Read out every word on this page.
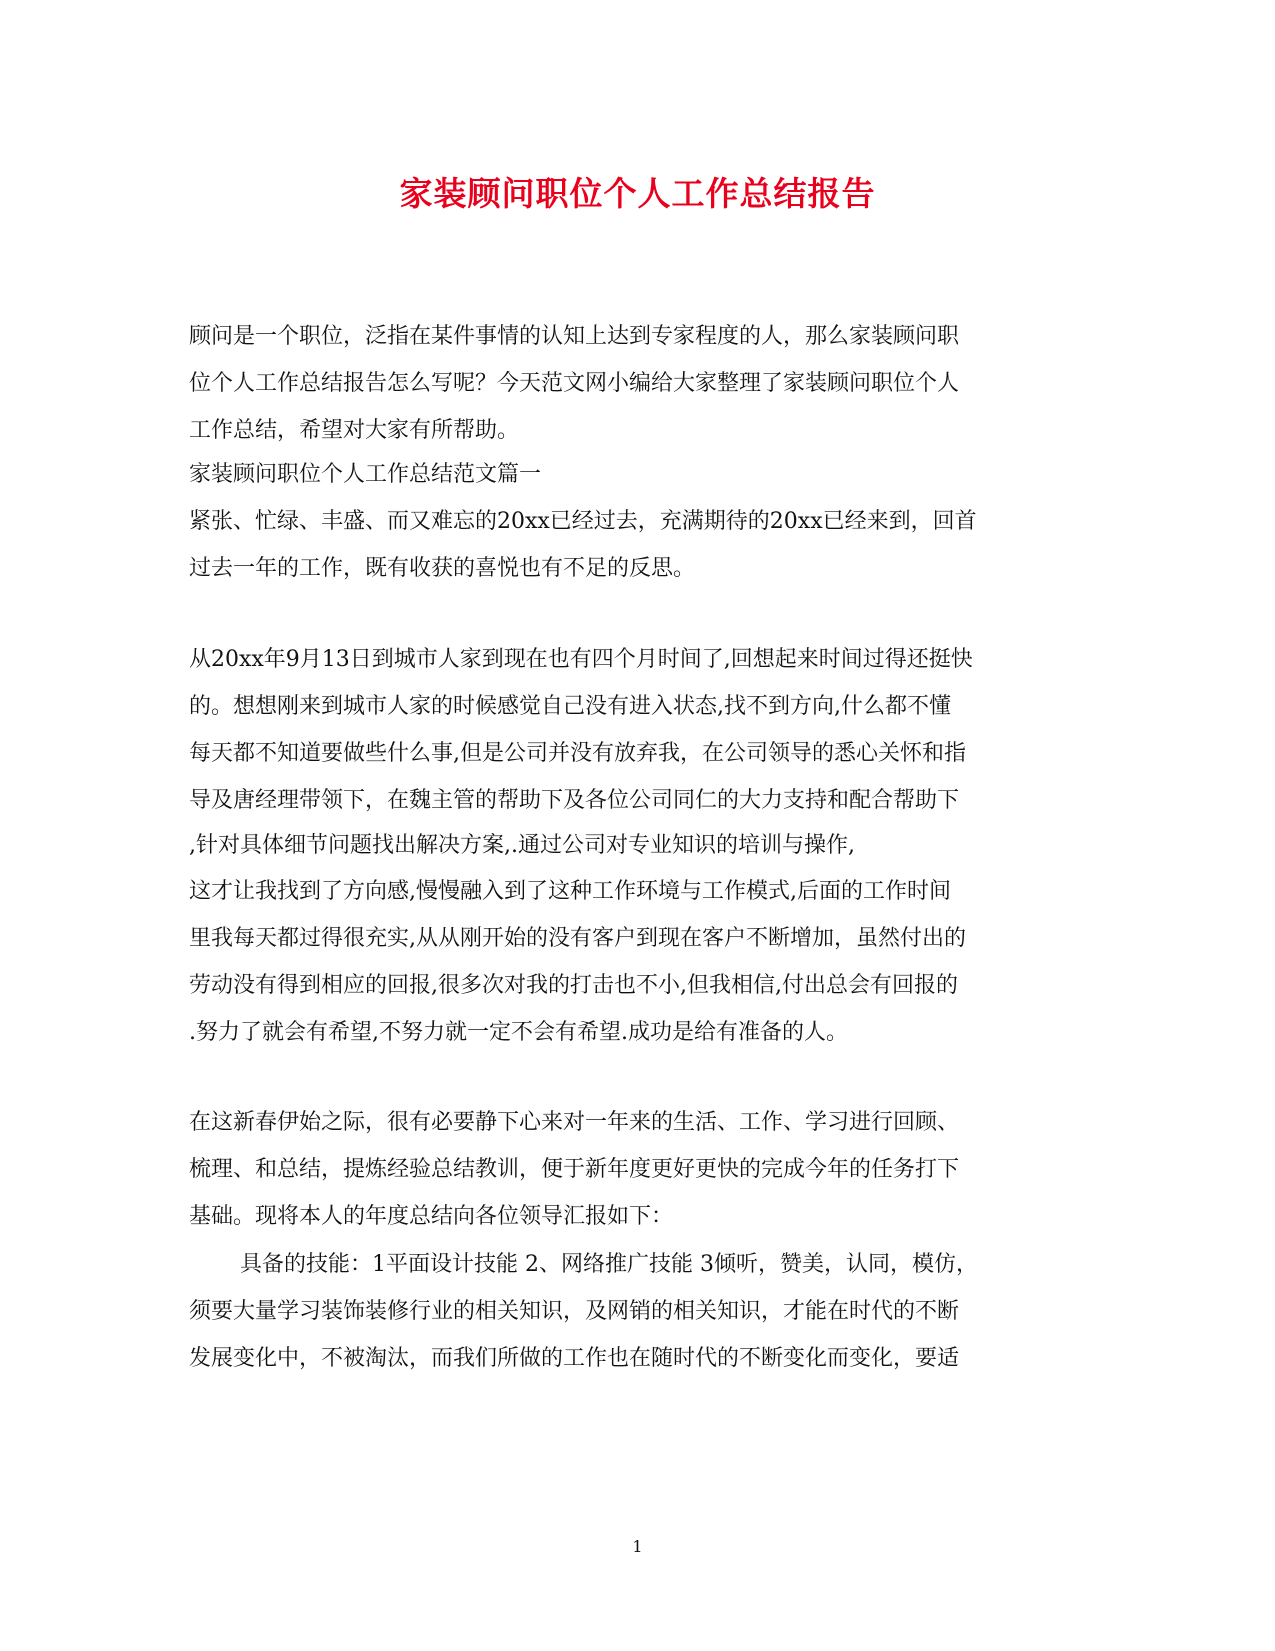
家装顾问职位个人工作总结报告
顾问是一个职位，泛指在某件事情的认知上达到专家程度的人，那么家装顾问职
位个人工作总结报告怎么写呢？今天范文网小编给大家整理了家装顾问职位个人
工作总结，希望对大家有所帮助。
家装顾问职位个人工作总结范文篇一
紧张、忙绿、丰盛、而又难忘的20xx已经过去，充满期待的20xx已经来到，回首
过去一年的工作，既有收获的喜悦也有不足的反思。
从20xx年9月13日到城市人家到现在也有四个月时间了,回想起来时间过得还挺快
的。想想刚来到城市人家的时候感觉自己没有进入状态,找不到方向,什么都不懂
每天都不知道要做些什么事,但是公司并没有放弃我，在公司领导的悉心关怀和指
导及唐经理带领下，在魏主管的帮助下及各位公司同仁的大力支持和配合帮助下
,针对具体细节问题找出解决方案,.通过公司对专业知识的培训与操作,
这才让我找到了方向感,慢慢融入到了这种工作环境与工作模式,后面的工作时间
里我每天都过得很充实,从从刚开始的没有客户到现在客户不断增加，虽然付出的
劳动没有得到相应的回报,很多次对我的打击也不小,但我相信,付出总会有回报的
.努力了就会有希望,不努力就一定不会有希望.成功是给有准备的人。
在这新春伊始之际，很有必要静下心来对一年来的生活、工作、学习进行回顾、
梳理、和总结，提炼经验总结教训，便于新年度更好更快的完成今年的任务打下
基础。现将本人的年度总结向各位领导汇报如下：
具备的技能：1平面设计技能 2、网络推广技能 3倾听，赞美，认同，模仿，
须要大量学习装饰装修行业的相关知识，及网销的相关知识，才能在时代的不断
发展变化中，不被淘汰，而我们所做的工作也在随时代的不断变化而变化，要适
1
